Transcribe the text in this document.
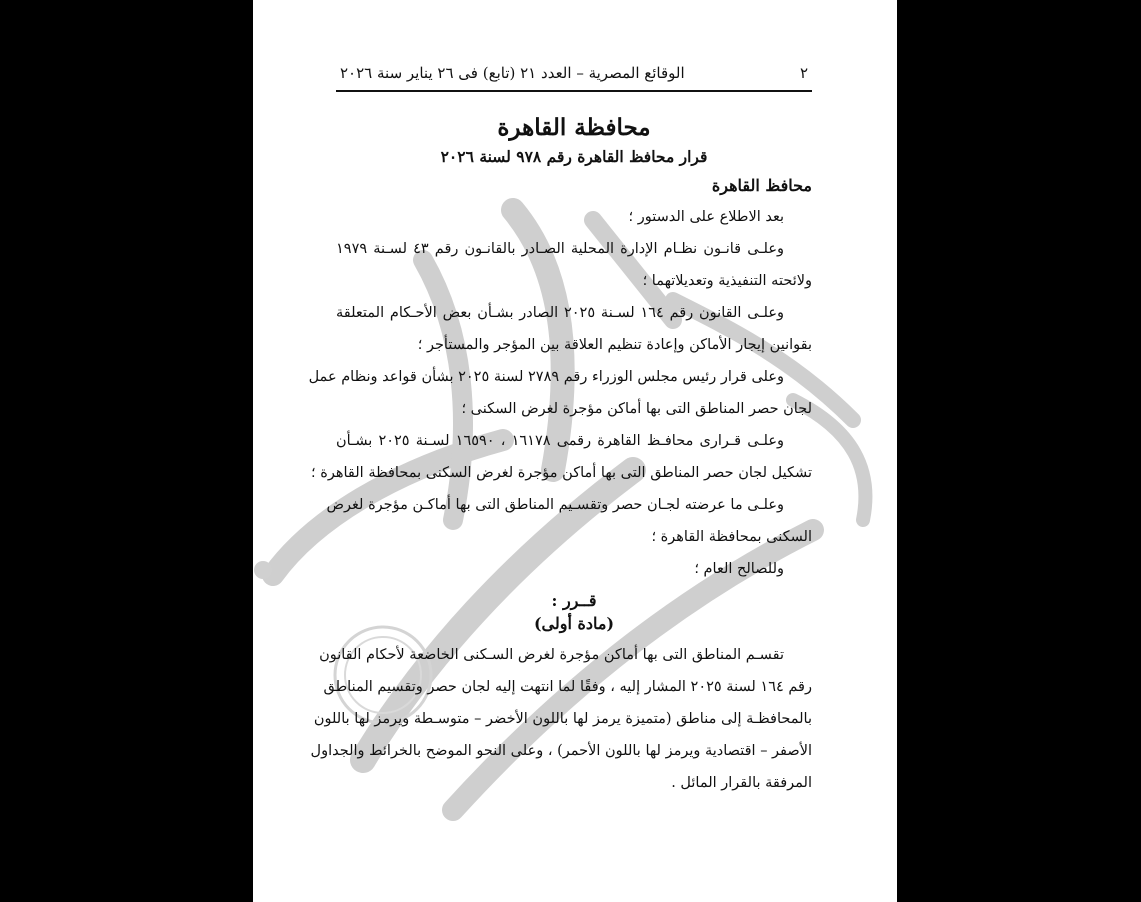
٢
الوقائع المصرية – العدد ٢١ (تابع) فى ٢٦ يناير سنة ٢٠٢٦
محافظة القاهرة
قرار محافظ القاهرة رقم ٩٧٨ لسنة ٢٠٢٦
محافظ القاهرة

بعد الاطلاع على الدستور ؛

وعلـى قانـون نظـام الإدارة المحلية الصـادر بالقانـون رقم ٤٣ لسـنة ١٩٧٩

ولائحته التنفيذية وتعديلاتهما ؛

وعلـى القانون رقم ١٦٤ لسـنة ٢٠٢٥ الصادر بشـأن بعض الأحـكام المتعلقة

بقوانين إيجار الأماكن وإعادة تنظيم العلاقة بين المؤجر والمستأجر ؛

وعلى قرار رئيس مجلس الوزراء رقم ٢٧٨٩ لسنة ٢٠٢٥ بشأن قواعد ونظام عمل

لجان حصر المناطق التى بها أماكن مؤجرة لغرض السكنى ؛

وعلـى قـرارى محافـظ القاهرة رقمى ١٦١٧٨ ، ١٦٥٩٠ لسـنة ٢٠٢٥ بشـأن

تشكيل لجان حصر المناطق التى بها أماكن مؤجرة لغرض السكنى بمحافظة القاهرة ؛

وعلـى ما عرضته لجـان حصر وتقسـيم المناطق التى بها أماكـن مؤجرة لغرض

السكنى بمحافظة القاهرة ؛

وللصالح العام ؛

قــرر :
(مادة أولى)

تقسـم المناطق التى بها أماكن مؤجرة لغرض السـكنى الخاضعة لأحكام القانون

رقم ١٦٤ لسنة ٢٠٢٥ المشار إليه ، وفقًا لما انتهت إليه لجان حصر وتقسيم المناطق

بالمحافظـة إلى مناطق (متميزة يرمز لها باللون الأخضر – متوسـطة ويرمز لها باللون

الأصفر – اقتصادية ويرمز لها باللون الأحمر) ، وعلى النحو الموضح بالخرائط والجداول

المرفقة بالقرار المائل .
